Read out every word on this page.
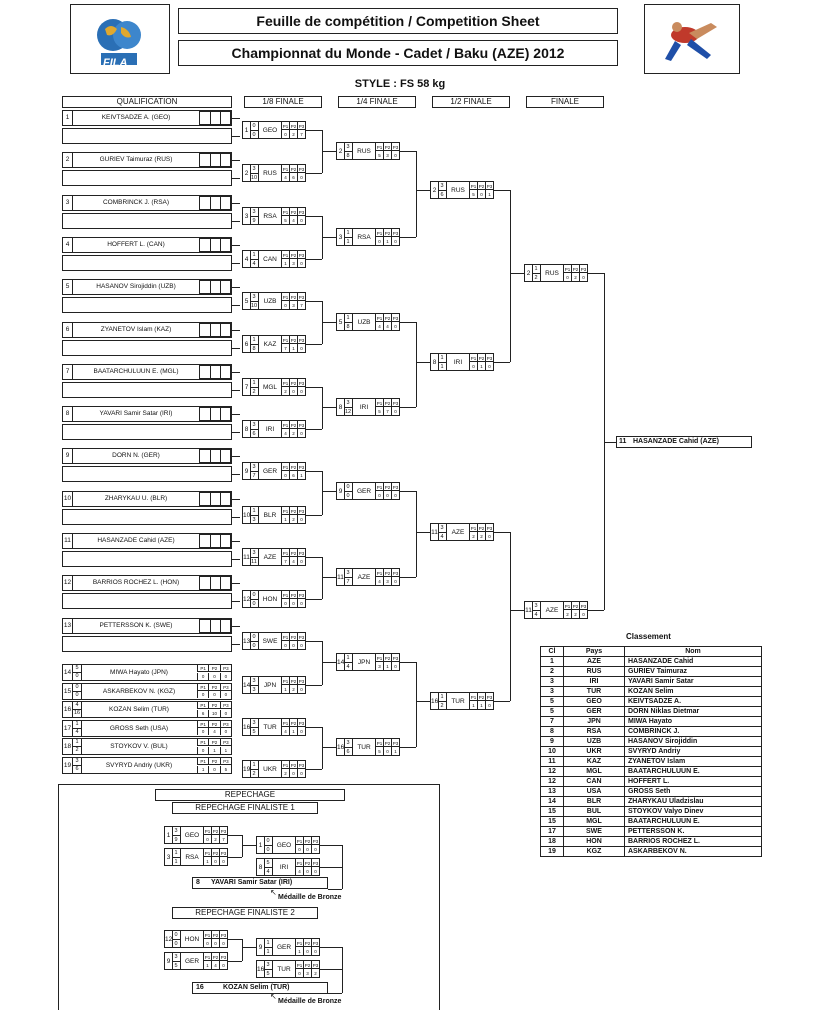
FILA
Feuille de compétition / Competition Sheet
Championnat du Monde - Cadet / Baku (AZE) 2012
STYLE : FS 58 kg
QUALIFICATION	1/8 FINALE	1/4 FINALE	1/2 FINALE	FINALE
1	KEIVTSADZE A. (GEO)
2	GURIEV Taimuraz (RUS)
3	COMBRINCK J. (RSA)
4	HOFFERT L. (CAN)
5	HASANOV Sirojiddin (UZB)
6	ZYANETOV Islam (KAZ)
7	BAATARCHULUUN E. (MGL)
8	YAVARI Samir Satar (IRI)
9	DORN N. (GER)
10	ZHARYKAU U. (BLR)
11	HASANZADE Cahid (AZE)
12	BARRIOS ROCHEZ L. (HON)
13	PETTERSSON K. (SWE)
14
5
0	MIWA Hayato (JPN)
P1	P2	P3
0	0	0
15
0
0	ASKARBEKOV N. (KGZ)
P1	P2	P3
0	0	0
16
4
16	KOZAN Selim (TUR)
P1	P2	P3
6	10	0
17
1
4	GROSS Seth (USA)
P1	P2	P3
0	4	0
18
1
2	STOYKOV V. (BUL)
P1	P2	P3
0	1	1
19
3
6	SVYRYD Andriy (UKR)
P1	P2	P3
1	0	5
1
0
0
GEO
P1 P2 P3
0	2	7
2
3
10
RUS
P1 P2 P3
4	6	0
3
3
9
RSA
P1 P2 P3
5	4	0
4
1
4
CAN
P1 P2 P3
1	3	0
5
3
10
UZB
P1 P2 P3
0	3	7
6
1
8
KAZ
P1 P2 P3
7	1	0
7
1
2
MGL
P1 P2 P3
2	0	0
8
3
6
IRI
P1 P2 P3
4	2	0
9
3
7
GER
P1 P2 P3
0	6	1
10
1
3
BLR
P1 P2 P3
1	2	0
11
3
11
AZE
P1 P2 P3
7	4	0
12
0
0
HON
P1 P2 P3
0	0	0
13
0
0
SWE
P1 P2 P3
0	0	0
14
3
3
JPN
P1 P2 P3
1	2	0
16
3
5
TUR
P1 P2 P3
4	1	0
19
1
2
UKR
P1 P2 P3
2	0	0
2
3
8
RUS
P1 P2 P3
5	3	0
3
1
1
RSA
P1 P2 P3
0	1	0
5
1
8
UZB
P1 P2 P3
4	4	0
8
3
12
IRI
P1 P2 P3
5	7	0
9
0
0
GER
P1 P2 P3
0	0	0
11
3
7
AZE
P1 P2 P3
4	3	0
14
1
4
JPN
P1 P2 P3
3	1	0
16
3
6
TUR
P1 P2 P3
5	0	1
2
3
6
RUS
P1 P2 P3
5	0	1
8
1
1
IRI
P1 P2 P3
0	1	0
11
3
4
AZE
P1 P2 P3
2	2	0
16
1
2
TUR
P1 P2 P3
1	1	0
2
1
2
RUS
P1 P2 P3
0	2	0
11
3
4
AZE
P1 P2 P3
2	2	0
11 HASANZADE Cahid (AZE)
Classement
Cl	Pays	Nom
1	AZE	HASANZADE Cahid
2	RUS	GURIEV Taimuraz
3	IRI	YAVARI Samir Satar
3	TUR	KOZAN Selim
5	GEO	KEIVTSADZE A.
5	GER	DORN Niklas Dietmar
7	JPN	MIWA Hayato
8	RSA	COMBRINCK J.
9	UZB	HASANOV Sirojiddin
10	UKR	SVYRYD Andriy
11	KAZ	ZYANETOV Islam
12	MGL	BAATARCHULUUN E.
12	CAN	HOFFERT L.
13	USA	GROSS Seth
14	BLR	ZHARYKAU Uladzislau
15	BUL	STOYKOV Valyo Dinev
15	MGL	BAATARCHULUUN E.
17	SWE	PETTERSSON K.
18	HON	BARRIOS ROCHEZ L.
19	KGZ	ASKARBEKOV N.
REPECHAGE
REPECHAGE FINALISTE 1
REPECHAGE FINALISTE 2
8 YAVARI Samir Satar (IRI)
↖
Médaille de Bronze
16	KOZAN Selim (TUR)
↖
Médaille de Bronze
1
3
9
GEO
P1 P2 P3
0	2	7
3
1
1
RSA
P1 P2 P3
1	0	0
1
0
0
GEO
P1 P2 P3
0	0	0
8
5
4
IRI
P1 P2 P3
4	0	0
12
0
0
HON
P1 P2 P3
0	0	0
9
3
5
GER
P1 P2 P3
1	4	0
9
1
1
GER
P1 P2 P3
1	0	0
16
3
5
TUR
P1 P2 P3
0	3	2
